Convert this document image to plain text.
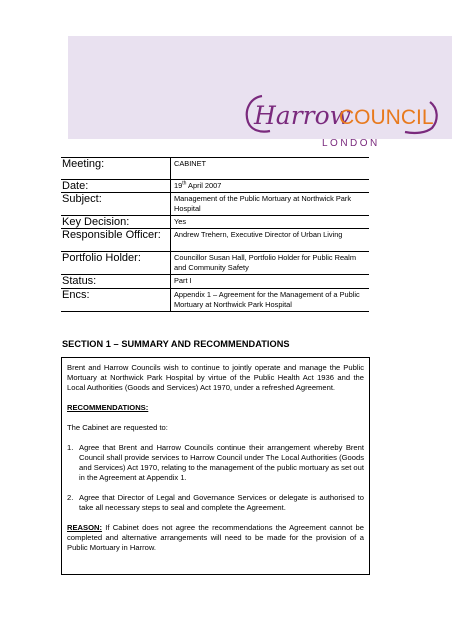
Harrow
COUNCIL
LONDON
Meeting:	CABINET
Date:	19th April 2007
Subject:	Management of the Public Mortuary at Northwick Park Hospital
Key Decision:	Yes
Responsible Officer:	Andrew Trehern, Executive Director of Urban Living
Portfolio Holder:	Councillor Susan Hall, Portfolio Holder for Public Realm and Community Safety
Status:	Part I
Encs:	Appendix 1 – Agreement for the Management of a Public Mortuary at Northwick Park Hospital
SECTION 1 – SUMMARY AND RECOMMENDATIONS

Brent and Harrow Councils wish to continue to jointly operate and manage the Public Mortuary at Northwick Park Hospital by virtue of the Public Health Act 1936 and the Local Authorities (Goods and Services) Act 1970, under a refreshed Agreement.

RECOMMENDATIONS:

The Cabinet are requested to:

1. Agree that Brent and Harrow Councils continue their arrangement whereby Brent Council shall provide services to Harrow Council under The Local Authorities (Goods and Services) Act 1970, relating to the management of the public mortuary as set out in the Agreement at Appendix 1.
2. Agree that Director of Legal and Governance Services or delegate is authorised to take all necessary steps to seal and complete the Agreement.

REASON: If Cabinet does not agree the recommendations the Agreement cannot be completed and alternative arrangements will need to be made for the provision of a Public Mortuary in Harrow.
